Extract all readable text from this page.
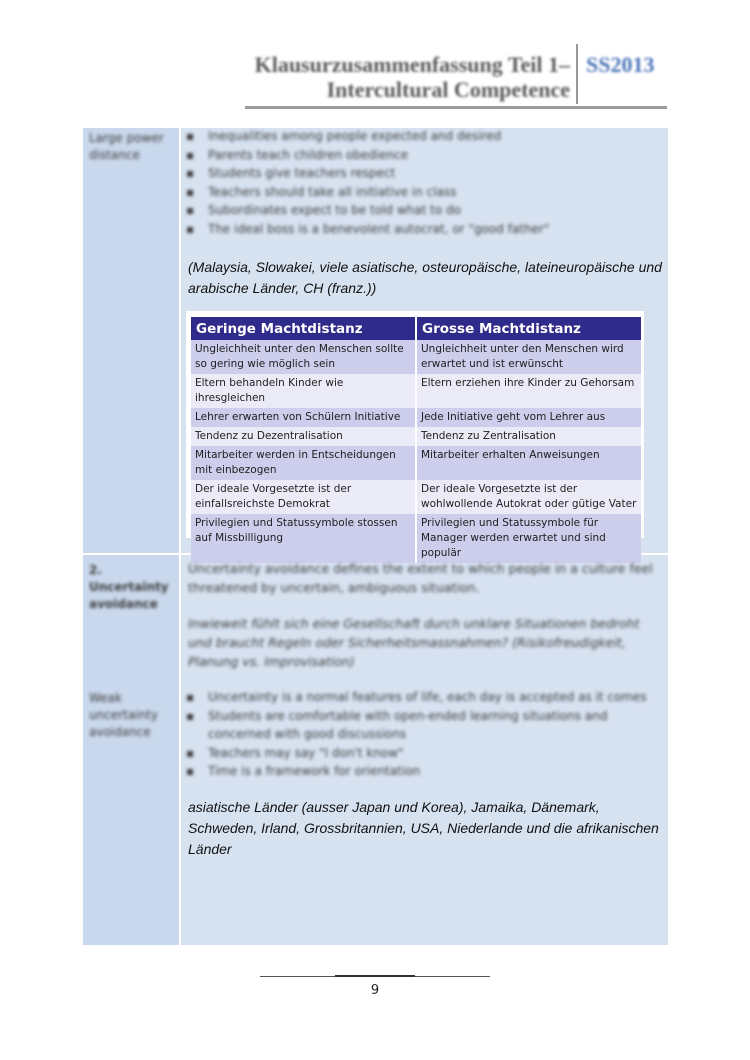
Klausurzusammenfassung Teil 1–
Intercultural Competence
SS2013
Large power distance
▪ Inequalities among people expected and desired
▪ Parents teach children obedience
▪ Students give teachers respect
▪ Teachers should take all initiative in class
▪ Subordinates expect to be told what to do
▪ The ideal boss is a benevolent autocrat, or "good father"
(Malaysia, Slowakei, viele asiatische, osteuropäische, lateineuropäische und arabische Länder, CH (franz.))
Geringe Machtdistanz	Grosse Machtdistanz
Ungleichheit unter den Menschen sollte so gering wie möglich sein	Ungleichheit unter den Menschen wird erwartet und ist erwünscht
Eltern behandeln Kinder wie ihresgleichen	Eltern erziehen ihre Kinder zu Gehorsam
Lehrer erwarten von Schülern Initiative	Jede Initiative geht vom Lehrer aus
Tendenz zu Dezentralisation	Tendenz zu Zentralisation
Mitarbeiter werden in Entscheidungen mit einbezogen	Mitarbeiter erhalten Anweisungen
Der ideale Vorgesetzte ist der einfallsreichste Demokrat	Der ideale Vorgesetzte ist der wohlwollende Autokrat oder gütige Vater
Privilegien und Statussymbole stossen auf Missbilligung	Privilegien und Statussymbole für Manager werden erwartet und sind populär
2. Uncertainty avoidance
Uncertainty avoidance defines the extent to which people in a culture feel threatened by uncertain, ambiguous situation.
Inwieweit fühlt sich eine Gesellschaft durch unklare Situationen bedroht und braucht Regeln oder Sicherheitsmassnahmen? (Risikofreudigkeit, Planung vs. Improvisation)
Weak uncertainty avoidance
▪ Uncertainty is a normal features of life, each day is accepted as it comes
▪ Students are comfortable with open-ended learning situations and concerned with good discussions
▪ Teachers may say "I don't know"
▪ Time is a framework for orientation
asiatische Länder (ausser Japan und Korea), Jamaika, Dänemark, Schweden, Irland, Grossbritannien, USA, Niederlande und die afrikanischen Länder
9
